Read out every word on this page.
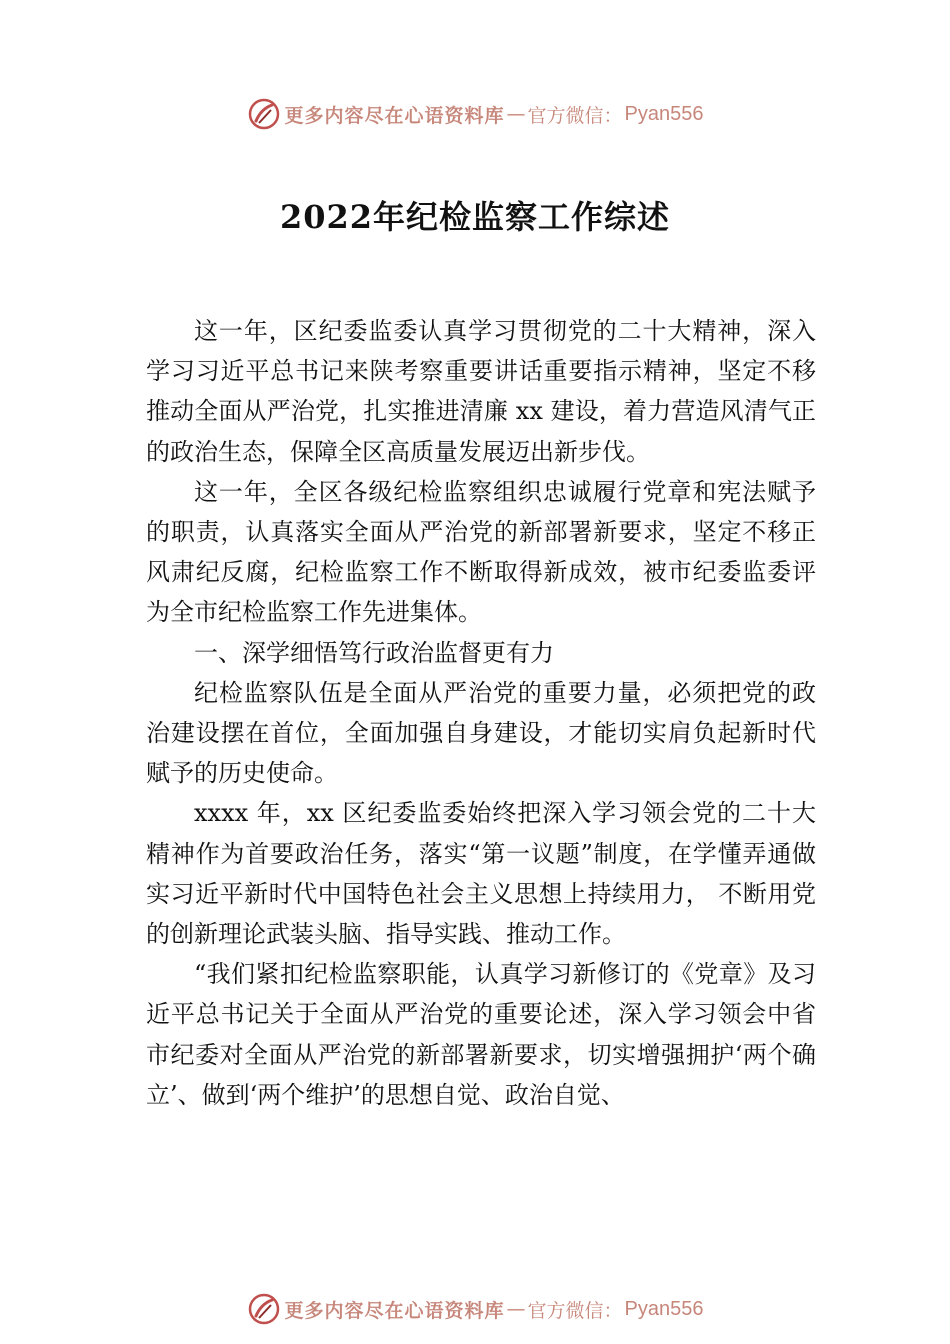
更多内容尽在心语资料库 — 官方微信： Pyan556
2022年纪检监察工作综述

这一年，区纪委监委认真学习贯彻党的二十大精神，深入学习习近平总书记来陕考察重要讲话重要指示精神，坚定不移推动全面从严治党，扎实推进清廉 xx 建设，着力营造风清气正的政治生态，保障全区高质量发展迈出新步伐。

这一年，全区各级纪检监察组织忠诚履行党章和宪法赋予的职责，认真落实全面从严治党的新部署新要求，坚定不移正风肃纪反腐，纪检监察工作不断取得新成效，被市纪委监委评为全市纪检监察工作先进集体。

一、深学细悟笃行政治监督更有力

纪检监察队伍是全面从严治党的重要力量，必须把党的政治建设摆在首位，全面加强自身建设，才能切实肩负起新时代赋予的历史使命。

xxxx 年，xx 区纪委监委始终把深入学习领会党的二十大精神作为首要政治任务，落实“第一议题”制度，在学懂弄通做实习近平新时代中国特色社会主义思想上持续用力， 不断用党的创新理论武装头脑、指导实践、推动工作。

“我们紧扣纪检监察职能，认真学习新修订的《党章》及习近平总书记关于全面从严治党的重要论述，深入学习领会中省市纪委对全面从严治党的新部署新要求，切实增强拥护‘两个确立’、做到‘两个维护’的思想自觉、政治自觉、

更多内容尽在心语资料库 — 官方微信： Pyan556
